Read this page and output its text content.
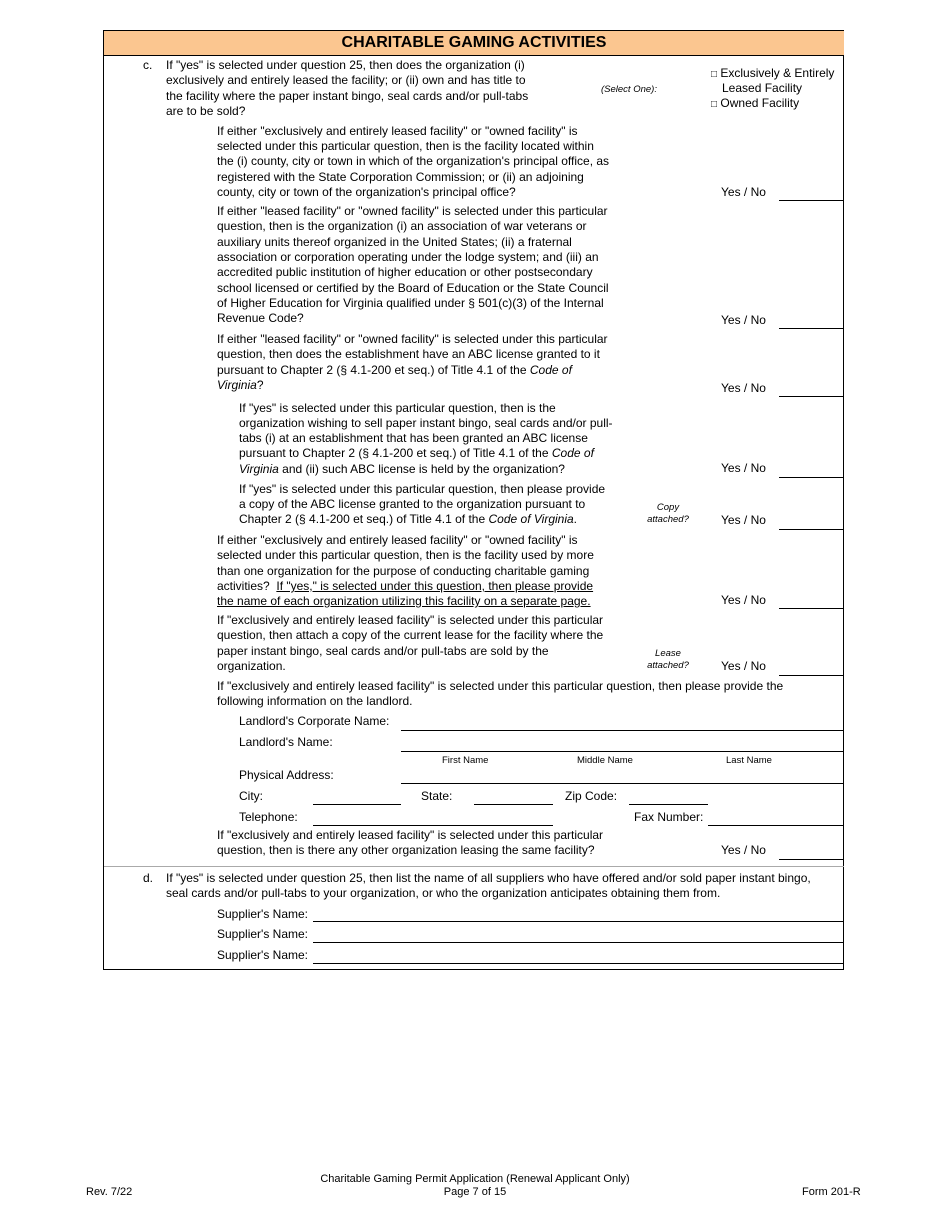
CHARITABLE GAMING ACTIVITIES
c. If "yes" is selected under question 25, then does the organization (i)
exclusively and entirely leased the facility; or (ii) own and has title to
the facility where the paper instant bingo, seal cards and/or pull-tabs
are to be sold?
(Select One):
□ Exclusively & Entirely
Leased Facility
□ Owned Facility
If either "exclusively and entirely leased facility" or "owned facility" is
selected under this particular question, then is the facility located within
the (i) county, city or town in which of the organization's principal office, as
registered with the State Corporation Commission; or (ii) an adjoining
county, city or town of the organization's principal office?	Yes / No
If either "leased facility" or "owned facility" is selected under this particular
question, then is the organization (i) an association of war veterans or
auxiliary units thereof organized in the United States; (ii) a fraternal
association or corporation operating under the lodge system; and (iii) an
accredited public institution of higher education or other postsecondary
school licensed or certified by the Board of Education or the State Council
of Higher Education for Virginia qualified under § 501(c)(3) of the Internal
Revenue Code?	Yes / No
If either "leased facility" or "owned facility" is selected under this particular
question, then does the establishment have an ABC license granted to it
pursuant to Chapter 2 (§ 4.1-200 et seq.) of Title 4.1 of the Code of
Virginia?	Yes / No
If "yes" is selected under this particular question, then is the
organization wishing to sell paper instant bingo, seal cards and/or pull-
tabs (i) at an establishment that has been granted an ABC license
pursuant to Chapter 2 (§ 4.1-200 et seq.) of Title 4.1 of the Code of
Virginia and (ii) such ABC license is held by the organization?	Yes / No
If "yes" is selected under this particular question, then please provide
a copy of the ABC license granted to the organization pursuant to
Chapter 2 (§ 4.1-200 et seq.) of Title 4.1 of the Code of Virginia.
Copy
attached?	Yes / No
If either "exclusively and entirely leased facility" or "owned facility" is
selected under this particular question, then is the facility used by more
than one organization for the purpose of conducting charitable gaming
activities? If "yes," is selected under this question, then please provide
the name of each organization utilizing this facility on a separate page.	Yes / No
If "exclusively and entirely leased facility" is selected under this particular
question, then attach a copy of the current lease for the facility where the
paper instant bingo, seal cards and/or pull-tabs are sold by the
organization.
Lease
attached?	Yes / No
If "exclusively and entirely leased facility" is selected under this particular question, then please provide the
following information on the landlord.
Landlord's Corporate Name:
Landlord's Name:
First Name	Middle Name	Last Name
Physical Address:
City:	State:	Zip Code:
Telephone:	Fax Number:
If "exclusively and entirely leased facility" is selected under this particular
question, then is there any other organization leasing the same facility?	Yes / No
d. If "yes" is selected under question 25, then list the name of all suppliers who have offered and/or sold paper instant bingo,
seal cards and/or pull-tabs to your organization, or who the organization anticipates obtaining them from.
Supplier's Name:
Supplier's Name:
Supplier's Name:
Rev. 7/22
Charitable Gaming Permit Application (Renewal Applicant Only)
Page 7 of 15	Form 201-R
